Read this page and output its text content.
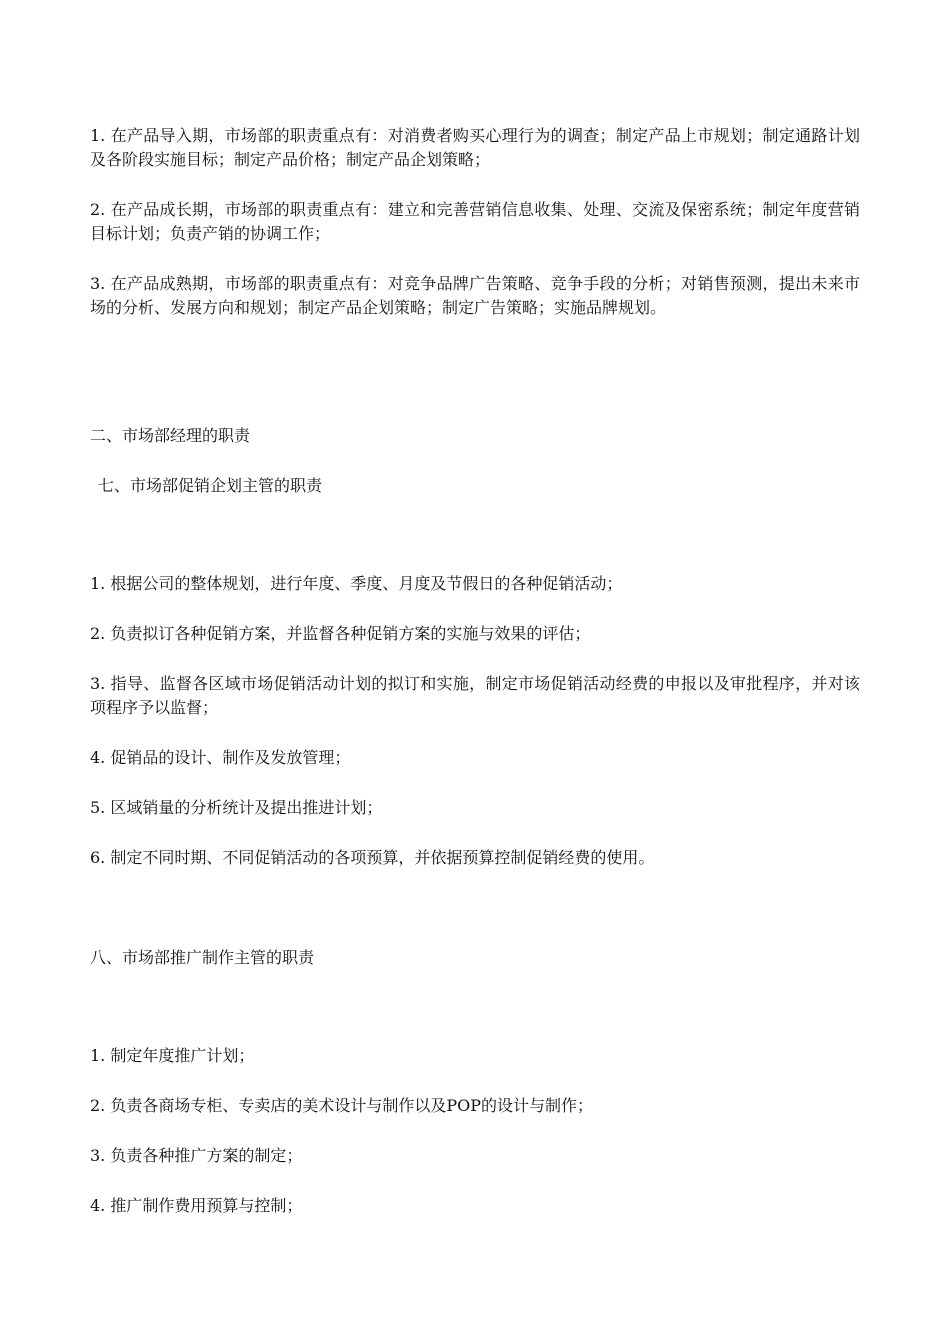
1. 在产品导入期，市场部的职责重点有：对消费者购买心理行为的调查；制定产品上市规划；制定通路计划及各阶段实施目标；制定产品价格；制定产品企划策略；

2. 在产品成长期，市场部的职责重点有：建立和完善营销信息收集、处理、交流及保密系统；制定年度营销目标计划；负责产销的协调工作；

3. 在产品成熟期，市场部的职责重点有：对竞争品牌广告策略、竞争手段的分析；对销售预测，提出未来市场的分析、发展方向和规划；制定产品企划策略；制定广告策略；实施品牌规划。

二、市场部经理的职责
七、市场部促销企划主管的职责

1. 根据公司的整体规划，进行年度、季度、月度及节假日的各种促销活动；

2. 负责拟订各种促销方案，并监督各种促销方案的实施与效果的评估；

3. 指导、监督各区域市场促销活动计划的拟订和实施，制定市场促销活动经费的申报以及审批程序，并对该项程序予以监督；

4. 促销品的设计、制作及发放管理；

5. 区域销量的分析统计及提出推进计划；

6. 制定不同时期、不同促销活动的各项预算，并依据预算控制促销经费的使用。

八、市场部推广制作主管的职责

1. 制定年度推广计划；

2. 负责各商场专柜、专卖店的美术设计与制作以及POP的设计与制作；

3. 负责各种推广方案的制定；

4. 推广制作费用预算与控制；
